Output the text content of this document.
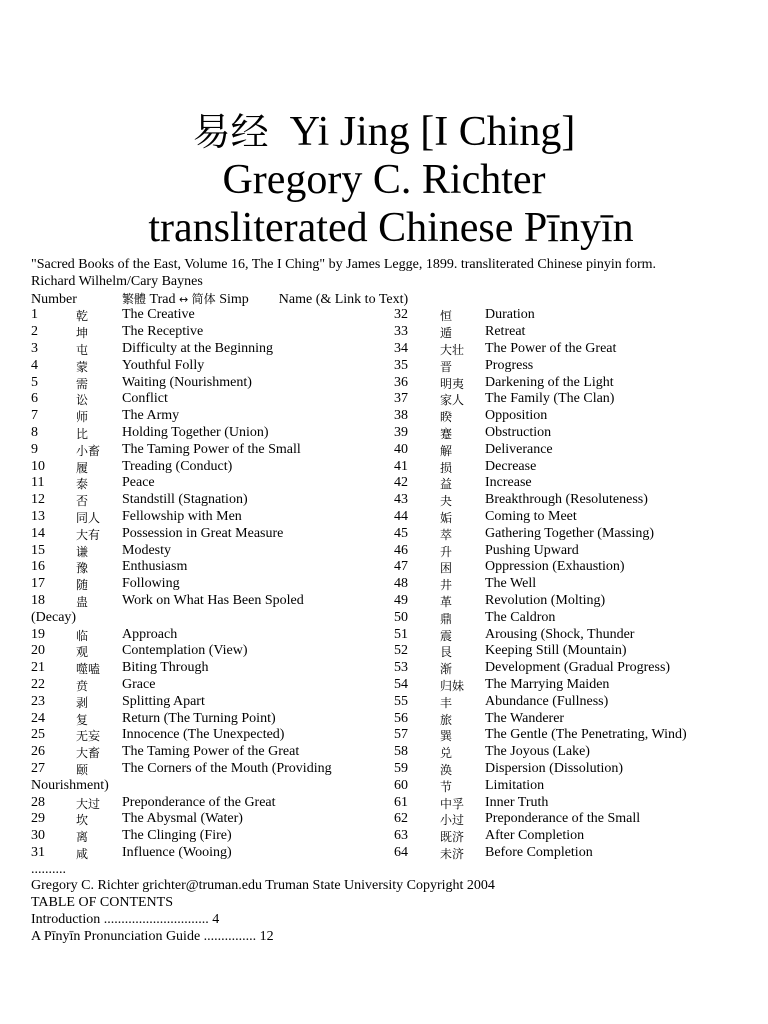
易经 Yi Jing [I Ching]
Gregory C. Richter
transliterated Chinese Pīnyīn
"Sacred Books of the East, Volume 16, The I Ching" by James Legge, 1899. transliterated Chinese pinyin form.
Richard Wilhelm/Cary Baynes
Number	繁體 Trad ↔ 简体 Simp Name (& Link to Text)
1	乾 The Creative	32	恒 Duration
2	坤 The Receptive	33	遁 Retreat
3	屯 Difficulty at the Beginning	34	大壮 The Power of the Great
4	蒙 Youthful Folly	35	晋 Progress
5	需 Waiting (Nourishment)	36	明夷 Darkening of the Light
6	讼 Conflict	37	家人 The Family (The Clan)
7	师 The Army	38	睽 Opposition
8	比 Holding Together (Union)	39	蹇 Obstruction
9	小畜 The Taming Power of the Small	40	解 Deliverance
10	履 Treading (Conduct)	41	损 Decrease
11	泰 Peace	42	益 Increase
12	否 Standstill (Stagnation)	43	夬 Breakthrough (Resoluteness)
13	同人 Fellowship with Men	44	姤 Coming to Meet
14	大有 Possession in Great Measure	45	萃 Gathering Together (Massing)
15	谦 Modesty	46	升 Pushing Upward
16	豫 Enthusiasm	47	困 Oppression (Exhaustion)
17	随 Following	48	井 The Well
18	蛊 Work on What Has Been Spoled	49	革 Revolution (Molting)
(Decay)	50	鼎 The Caldron
19	临 Approach	51	震 Arousing (Shock, Thunder
20	观 Contemplation (View)	52	艮 Keeping Still (Mountain)
21	噬嗑 Biting Through	53	渐 Development (Gradual Progress)
22	贲 Grace	54	归妹 The Marrying Maiden
23	剥 Splitting Apart	55	丰 Abundance (Fullness)
24	复 Return (The Turning Point)	56	旅 The Wanderer
25	无妄 Innocence (The Unexpected)	57	巽 The Gentle (The Penetrating, Wind)
26	大畜 The Taming Power of the Great	58	兑 The Joyous (Lake)
27	颐 The Corners of the Mouth (Providing	59	涣 Dispersion (Dissolution)
Nourishment)	60	节 Limitation
28	大过 Preponderance of the Great	61	中孚 Inner Truth
29	坎 The Abysmal (Water)	62	小过 Preponderance of the Small
30	离 The Clinging (Fire)	63	既济 After Completion
31	咸 Influence (Wooing)	64	未济 Before Completion
..........
Gregory C. Richter grichter@truman.edu Truman State University Copyright 2004
TABLE OF CONTENTS
Introduction .............................. 4
A Pīnyīn Pronunciation Guide ............... 12
